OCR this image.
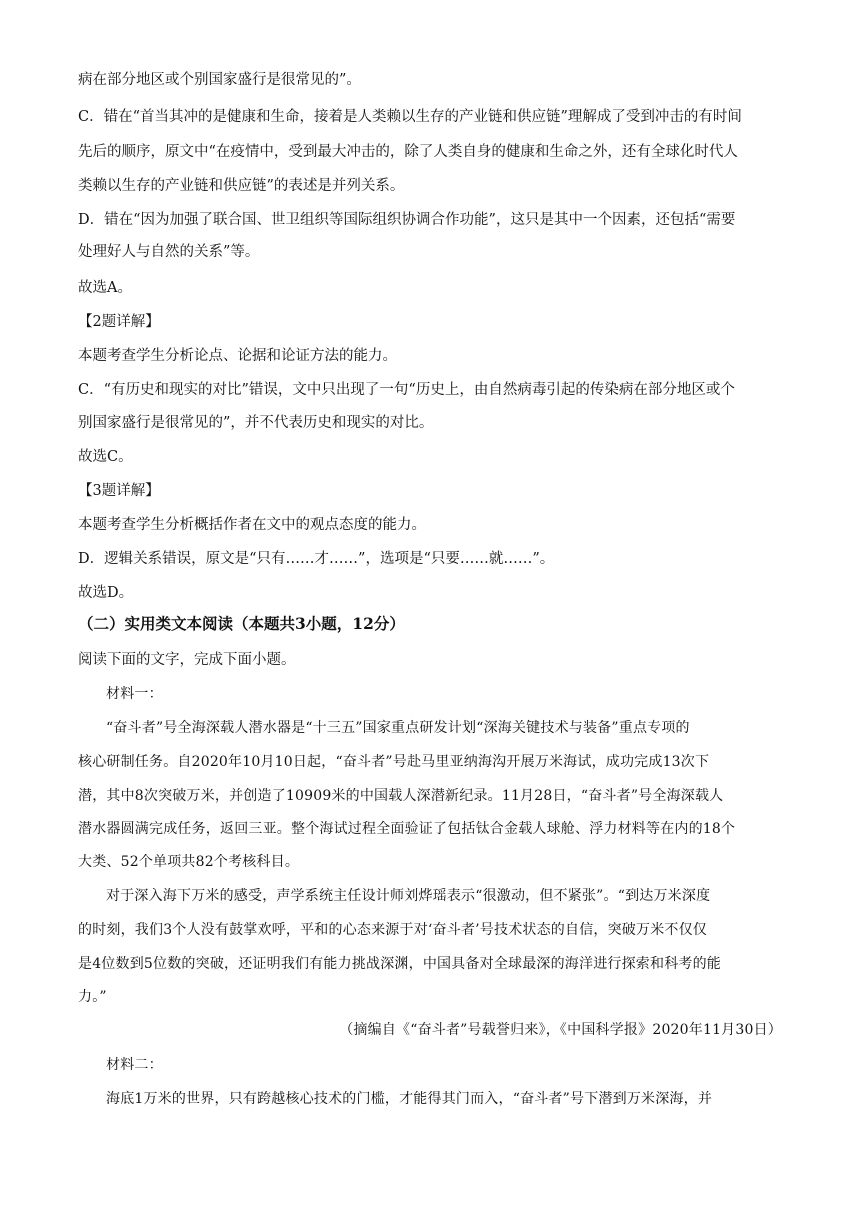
病在部分地区或个别国家盛行是很常见的”。
C．错在“首当其冲的是健康和生命，接着是人类赖以生存的产业链和供应链”理解成了受到冲击的有时间
先后的顺序，原文中“在疫情中，受到最大冲击的，除了人类自身的健康和生命之外，还有全球化时代人
类赖以生存的产业链和供应链”的表述是并列关系。
D．错在“因为加强了联合国、世卫组织等国际组织协调合作功能”，这只是其中一个因素，还包括“需要
处理好人与自然的关系”等。
故选A。
【2题详解】
本题考查学生分析论点、论据和论证方法的能力。
C．“有历史和现实的对比”错误，文中只出现了一句“历史上，由自然病毒引起的传染病在部分地区或个
别国家盛行是很常见的”，并不代表历史和现实的对比。
故选C。
【3题详解】
本题考查学生分析概括作者在文中的观点态度的能力。
D．逻辑关系错误，原文是“只有……才……”，选项是“只要……就……”。
故选D。
（二）实用类文本阅读（本题共3小题，12分）
阅读下面的文字，完成下面小题。
材料一：
“奋斗者”号全海深载人潜水器是“十三五”国家重点研发计划“深海关键技术与装备”重点专项的
核心研制任务。自2020年10月10日起，“奋斗者”号赴马里亚纳海沟开展万米海试，成功完成13次下
潜，其中8次突破万米，并创造了10909米的中国载人深潜新纪录。11月28日，“奋斗者”号全海深载人
潜水器圆满完成任务，返回三亚。整个海试过程全面验证了包括钛合金载人球舱、浮力材料等在内的18个
大类、52个单项共82个考核科目。
对于深入海下万米的感受，声学系统主任设计师刘烨瑶表示“很激动，但不紧张”。“到达万米深度
的时刻，我们3个人没有鼓掌欢呼，平和的心态来源于对‘奋斗者’号技术状态的自信，突破万米不仅仅
是4位数到5位数的突破，还证明我们有能力挑战深渊，中国具备对全球最深的海洋进行探索和科考的能
力。”
（摘编自《“奋斗者”号载誉归来》，《中国科学报》2020年11月30日）
材料二：
海底1万米的世界，只有跨越核心技术的门槛，才能得其门而入，“奋斗者”号下潜到万米深海，并
